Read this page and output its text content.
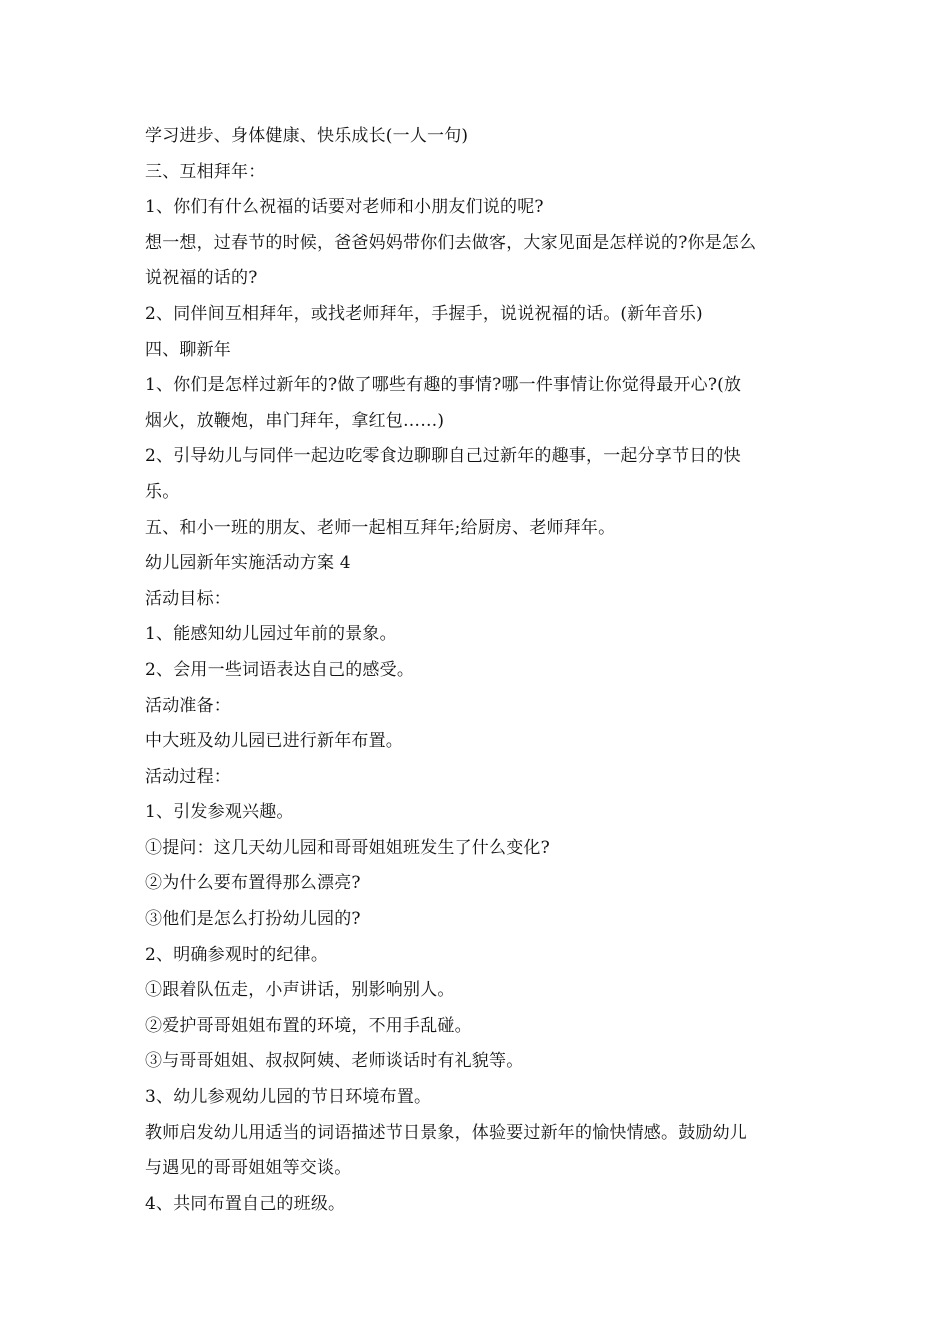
学习进步、身体健康、快乐成长(一人一句)
三、互相拜年：
1、你们有什么祝福的话要对老师和小朋友们说的呢?
想一想，过春节的时候，爸爸妈妈带你们去做客，大家见面是怎样说的?你是怎么
说祝福的话的?
2、同伴间互相拜年，或找老师拜年，手握手，说说祝福的话。(新年音乐)
四、聊新年
1、你们是怎样过新年的?做了哪些有趣的事情?哪一件事情让你觉得最开心?(放
烟火，放鞭炮，串门拜年，拿红包……)
2、引导幼儿与同伴一起边吃零食边聊聊自己过新年的趣事，一起分享节日的快
乐。
五、和小一班的朋友、老师一起相互拜年;给厨房、老师拜年。
幼儿园新年实施活动方案 4
活动目标：
1、能感知幼儿园过年前的景象。
2、会用一些词语表达自己的感受。
活动准备：
中大班及幼儿园已进行新年布置。
活动过程：
1、引发参观兴趣。
①提问：这几天幼儿园和哥哥姐姐班发生了什么变化?
②为什么要布置得那么漂亮?
③他们是怎么打扮幼儿园的?
2、明确参观时的纪律。
①跟着队伍走，小声讲话，别影响别人。
②爱护哥哥姐姐布置的环境，不用手乱碰。
③与哥哥姐姐、叔叔阿姨、老师谈话时有礼貌等。
3、幼儿参观幼儿园的节日环境布置。
教师启发幼儿用适当的词语描述节日景象，体验要过新年的愉快情感。鼓励幼儿
与遇见的哥哥姐姐等交谈。
4、共同布置自己的班级。
